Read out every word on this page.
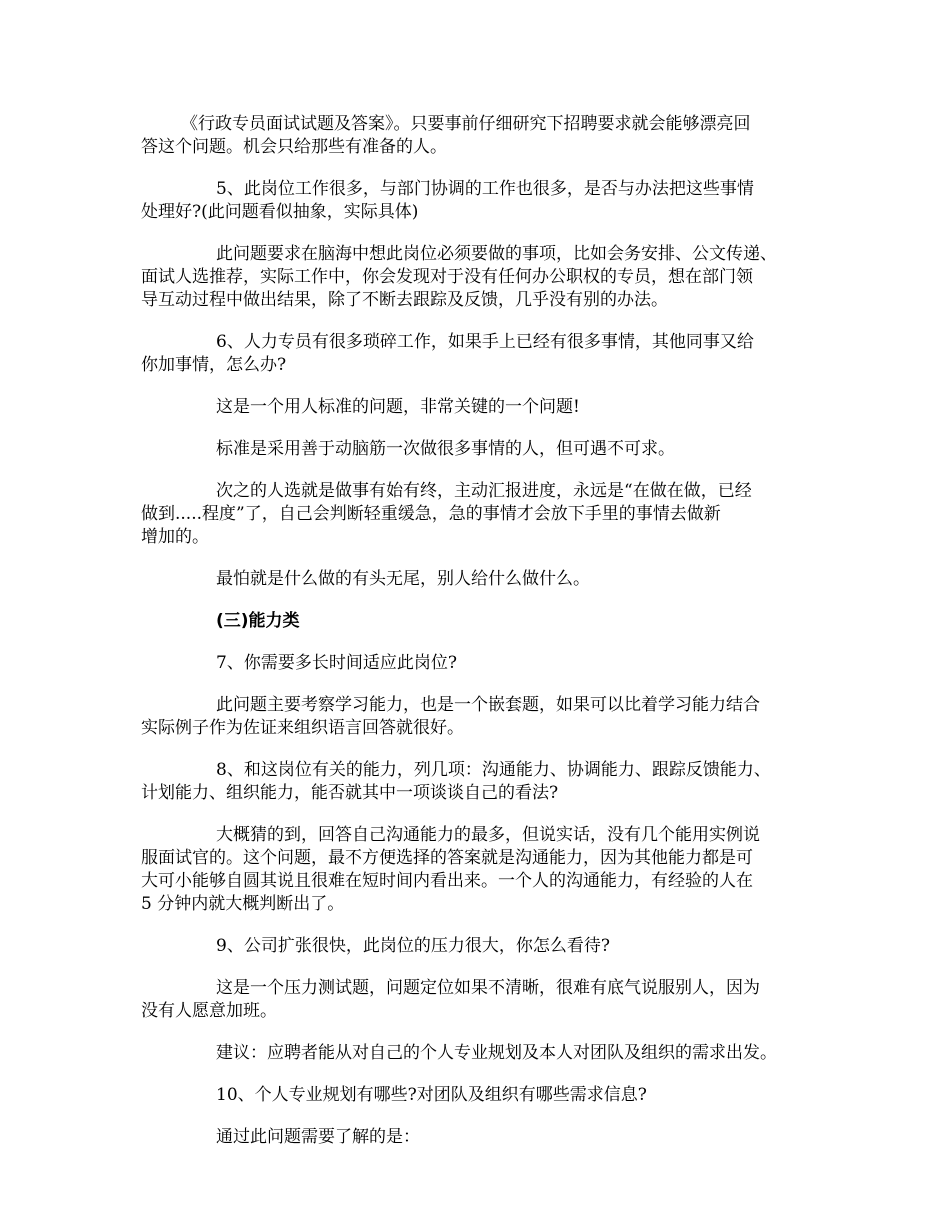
《行政专员面试试题及答案》。只要事前仔细研究下招聘要求就会能够漂亮回
答这个问题。机会只给那些有准备的人。

5、此岗位工作很多，与部门协调的工作也很多，是否与办法把这些事情
处理好?(此问题看似抽象，实际具体)

此问题要求在脑海中想此岗位必须要做的事项，比如会务安排、公文传递、
面试人选推荐，实际工作中，你会发现对于没有任何办公职权的专员，想在部门领
导互动过程中做出结果，除了不断去跟踪及反馈，几乎没有别的办法。

6、人力专员有很多琐碎工作，如果手上已经有很多事情，其他同事又给
你加事情，怎么办?

这是一个用人标准的问题，非常关键的一个问题!

标准是采用善于动脑筋一次做很多事情的人，但可遇不可求。

次之的人选就是做事有始有终，主动汇报进度，永远是“在做在做，已经
做到.....程度”了，自己会判断轻重缓急，急的事情才会放下手里的事情去做新
增加的。

最怕就是什么做的有头无尾，别人给什么做什么。

(三)能力类

7、你需要多长时间适应此岗位?

此问题主要考察学习能力，也是一个嵌套题，如果可以比着学习能力结合
实际例子作为佐证来组织语言回答就很好。

8、和这岗位有关的能力，列几项：沟通能力、协调能力、跟踪反馈能力、
计划能力、组织能力，能否就其中一项谈谈自己的看法?

大概猜的到，回答自己沟通能力的最多，但说实话，没有几个能用实例说
服面试官的。这个问题，最不方便选择的答案就是沟通能力，因为其他能力都是可
大可小能够自圆其说且很难在短时间内看出来。一个人的沟通能力，有经验的人在
5 分钟内就大概判断出了。

9、公司扩张很快，此岗位的压力很大，你怎么看待?

这是一个压力测试题，问题定位如果不清晰，很难有底气说服别人，因为
没有人愿意加班。

建议：应聘者能从对自己的个人专业规划及本人对团队及组织的需求出发。

10、个人专业规划有哪些?对团队及组织有哪些需求信息?

通过此问题需要了解的是：
